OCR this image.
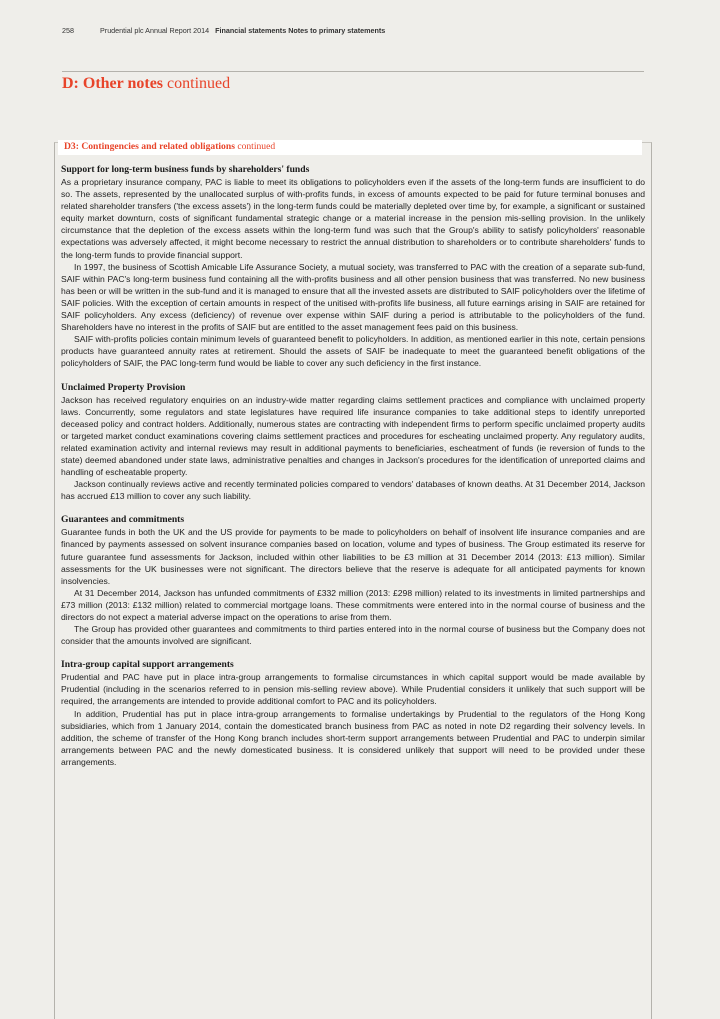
258	Prudential plc Annual Report 2014 Financial statements Notes to primary statements
D: Other notes continued
D3: Contingencies and related obligations continued
Support for long-term business funds by shareholders' funds

As a proprietary insurance company, PAC is liable to meet its obligations to policyholders even if the assets of the long-term funds are insufficient to do so. The assets, represented by the unallocated surplus of with-profits funds, in excess of amounts expected to be paid for future terminal bonuses and related shareholder transfers ('the excess assets') in the long-term funds could be materially depleted over time by, for example, a significant or sustained equity market downturn, costs of significant fundamental strategic change or a material increase in the pension mis-selling provision. In the unlikely circumstance that the depletion of the excess assets within the long-term fund was such that the Group's ability to satisfy policyholders' reasonable expectations was adversely affected, it might become necessary to restrict the annual distribution to shareholders or to contribute shareholders' funds to the long-term funds to provide financial support.

In 1997, the business of Scottish Amicable Life Assurance Society, a mutual society, was transferred to PAC with the creation of a separate sub-fund, SAIF within PAC's long-term business fund containing all the with-profits business and all other pension business that was transferred. No new business has been or will be written in the sub-fund and it is managed to ensure that all the invested assets are distributed to SAIF policyholders over the lifetime of SAIF policies. With the exception of certain amounts in respect of the unitised with-profits life business, all future earnings arising in SAIF are retained for SAIF policyholders. Any excess (deficiency) of revenue over expense within SAIF during a period is attributable to the policyholders of the fund. Shareholders have no interest in the profits of SAIF but are entitled to the asset management fees paid on this business.

SAIF with-profits policies contain minimum levels of guaranteed benefit to policyholders. In addition, as mentioned earlier in this note, certain pensions products have guaranteed annuity rates at retirement. Should the assets of SAIF be inadequate to meet the guaranteed benefit obligations of the policyholders of SAIF, the PAC long-term fund would be liable to cover any such deficiency in the first instance.

Unclaimed Property Provision

Jackson has received regulatory enquiries on an industry-wide matter regarding claims settlement practices and compliance with unclaimed property laws. Concurrently, some regulators and state legislatures have required life insurance companies to take additional steps to identify unreported deceased policy and contract holders. Additionally, numerous states are contracting with independent firms to perform specific unclaimed property audits or targeted market conduct examinations covering claims settlement practices and procedures for escheating unclaimed property. Any regulatory audits, related examination activity and internal reviews may result in additional payments to beneficiaries, escheatment of funds (ie reversion of funds to the state) deemed abandoned under state laws, administrative penalties and changes in Jackson's procedures for the identification of unreported claims and handling of escheatable property.

Jackson continually reviews active and recently terminated policies compared to vendors' databases of known deaths. At 31 December 2014, Jackson has accrued £13 million to cover any such liability.

Guarantees and commitments

Guarantee funds in both the UK and the US provide for payments to be made to policyholders on behalf of insolvent life insurance companies and are financed by payments assessed on solvent insurance companies based on location, volume and types of business. The Group estimated its reserve for future guarantee fund assessments for Jackson, included within other liabilities to be £3 million at 31 December 2014 (2013: £13 million). Similar assessments for the UK businesses were not significant. The directors believe that the reserve is adequate for all anticipated payments for known insolvencies.

At 31 December 2014, Jackson has unfunded commitments of £332 million (2013: £298 million) related to its investments in limited partnerships and £73 million (2013: £132 million) related to commercial mortgage loans. These commitments were entered into in the normal course of business and the directors do not expect a material adverse impact on the operations to arise from them.

The Group has provided other guarantees and commitments to third parties entered into in the normal course of business but the Company does not consider that the amounts involved are significant.

Intra-group capital support arrangements

Prudential and PAC have put in place intra-group arrangements to formalise circumstances in which capital support would be made available by Prudential (including in the scenarios referred to in pension mis-selling review above). While Prudential considers it unlikely that such support will be required, the arrangements are intended to provide additional comfort to PAC and its policyholders.

In addition, Prudential has put in place intra-group arrangements to formalise undertakings by Prudential to the regulators of the Hong Kong subsidiaries, which from 1 January 2014, contain the domesticated branch business from PAC as noted in note D2 regarding their solvency levels. In addition, the scheme of transfer of the Hong Kong branch includes short-term support arrangements between Prudential and PAC to underpin similar arrangements between PAC and the newly domesticated business. It is considered unlikely that support will need to be provided under these arrangements.
